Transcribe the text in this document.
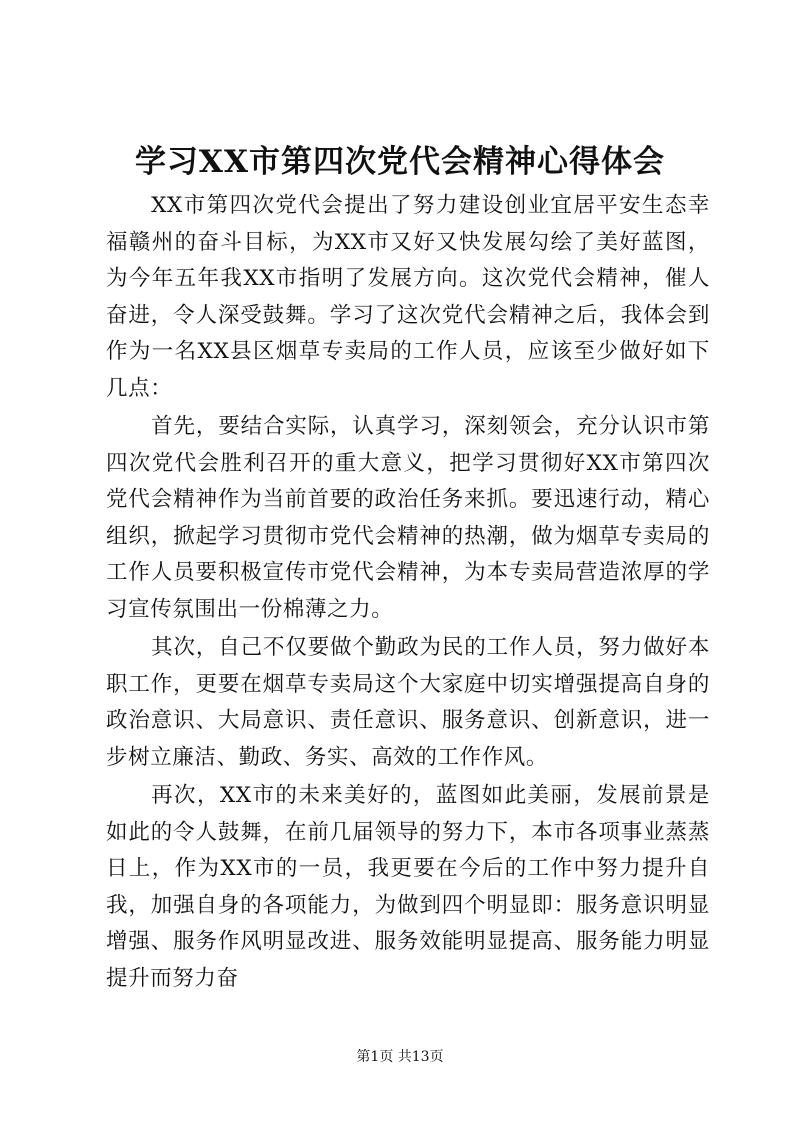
学习XX市第四次党代会精神心得体会

XX市第四次党代会提出了努力建设创业宜居平安生态幸福赣州的奋斗目标，为XX市又好又快发展勾绘了美好蓝图，为今年五年我XX市指明了发展方向。这次党代会精神，催人奋进，令人深受鼓舞。学习了这次党代会精神之后，我体会到作为一名XX县区烟草专卖局的工作人员，应该至少做好如下几点：

首先，要结合实际，认真学习，深刻领会，充分认识市第四次党代会胜利召开的重大意义，把学习贯彻好XX市第四次党代会精神作为当前首要的政治任务来抓。要迅速行动，精心组织，掀起学习贯彻市党代会精神的热潮，做为烟草专卖局的工作人员要积极宣传市党代会精神，为本专卖局营造浓厚的学习宣传氛围出一份棉薄之力。

其次，自己不仅要做个勤政为民的工作人员，努力做好本职工作，更要在烟草专卖局这个大家庭中切实增强提高自身的政治意识、大局意识、责任意识、服务意识、创新意识，进一步树立廉洁、勤政、务实、高效的工作作风。

再次，XX市的未来美好的，蓝图如此美丽，发展前景是如此的令人鼓舞，在前几届领导的努力下，本市各项事业蒸蒸日上，作为XX市的一员，我更要在今后的工作中努力提升自我，加强自身的各项能力，为做到四个明显即：服务意识明显增强、服务作风明显改进、服务效能明显提高、服务能力明显提升而努力奋

第1页 共13页
